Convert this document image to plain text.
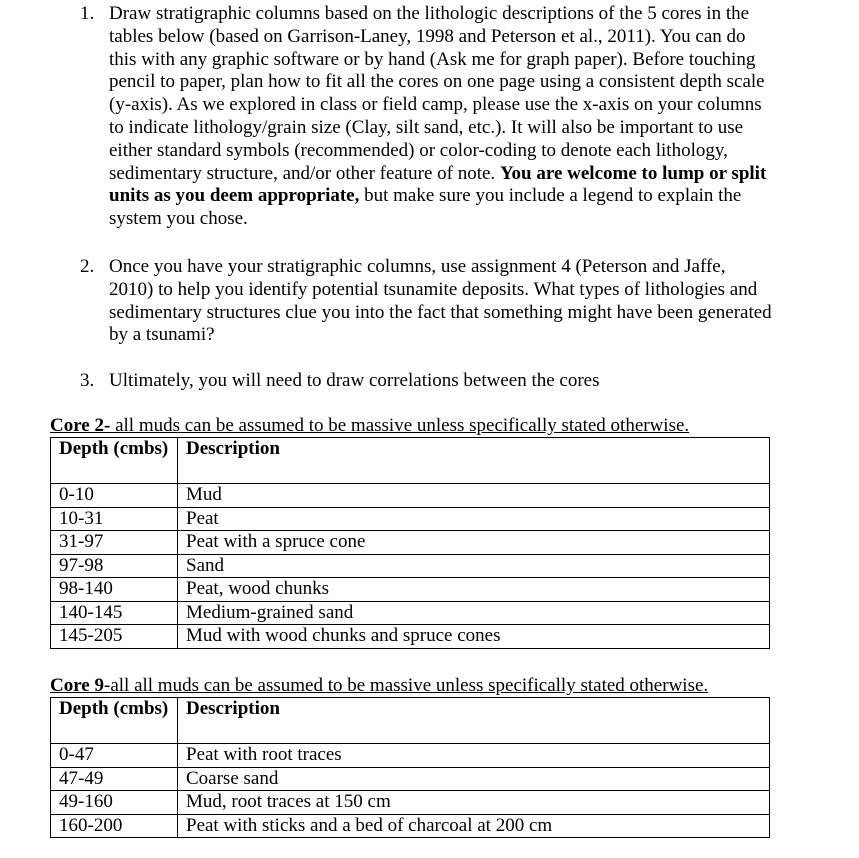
1. Draw stratigraphic columns based on the lithologic descriptions of the 5 cores in the tables below (based on Garrison-Laney, 1998 and Peterson et al., 2011). You can do this with any graphic software or by hand (Ask me for graph paper). Before touching pencil to paper, plan how to fit all the cores on one page using a consistent depth scale (y-axis). As we explored in class or field camp, please use the x-axis on your columns to indicate lithology/grain size (Clay, silt sand, etc.). It will also be important to use either standard symbols (recommended) or color-coding to denote each lithology, sedimentary structure, and/or other feature of note. You are welcome to lump or split units as you deem appropriate, but make sure you include a legend to explain the system you chose.
2. Once you have your stratigraphic columns, use assignment 4 (Peterson and Jaffe, 2010) to help you identify potential tsunamite deposits. What types of lithologies and sedimentary structures clue you into the fact that something might have been generated by a tsunami?
3. Ultimately, you will need to draw correlations between the cores
Core 2- all muds can be assumed to be massive unless specifically stated otherwise.
Depth (cmbs)	Description
0-10	Mud
10-31	Peat
31-97	Peat with a spruce cone
97-98	Sand
98-140	Peat, wood chunks
140-145	Medium-grained sand
145-205	Mud with wood chunks and spruce cones
Core 9-all all muds can be assumed to be massive unless specifically stated otherwise.
Depth (cmbs)	Description
0-47	Peat with root traces
47-49	Coarse sand
49-160	Mud, root traces at 150 cm
160-200	Peat with sticks and a bed of charcoal at 200 cm
